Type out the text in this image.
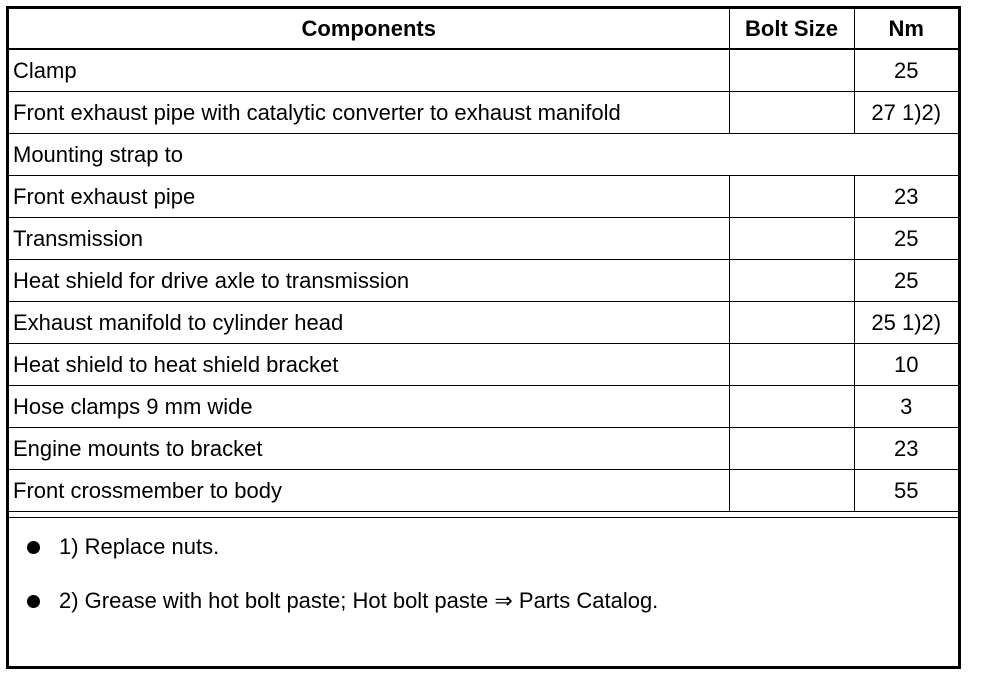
Components	Bolt Size	Nm
Clamp		25
Front exhaust pipe with catalytic converter to exhaust manifold		27 1)2)
Mounting strap to		
Front exhaust pipe		23
Transmission		25
Heat shield for drive axle to transmission		25
Exhaust manifold to cylinder head		25 1)2)
Heat shield to heat shield bracket		10
Hose clamps 9 mm wide		3
Engine mounts to bracket		23
Front crossmember to body		55
1) Replace nuts.
2) Grease with hot bolt paste; Hot bolt paste ⇒ Parts Catalog.
